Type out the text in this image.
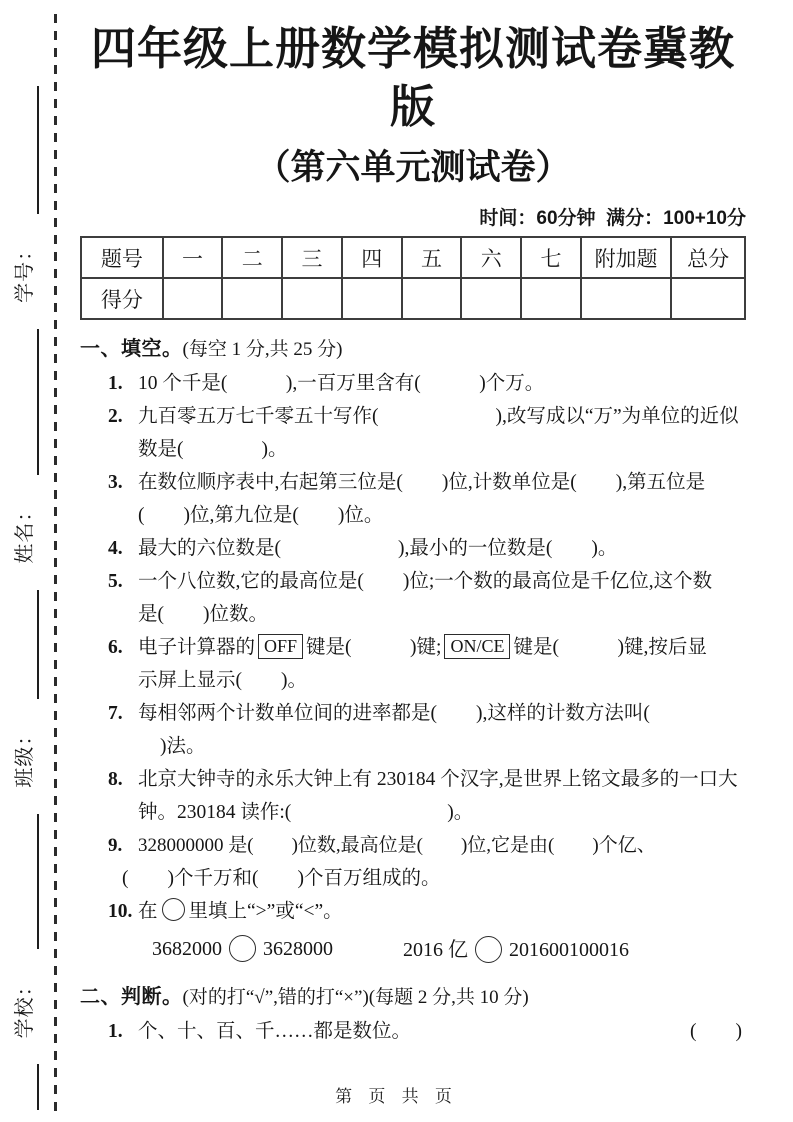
学校：
班级：
姓名：
学号：
四年级上册数学模拟测试卷冀教版
（第六单元测试卷）
时间：60分钟  满分：100+10分
题号	一	二	三	四	五	六	七	附加题	总分
得分									
一、填空。(每空 1 分,共 25 分)
1. 10 个千是(　　　),一百万里含有(　　　)个万。
2. 九百零五万七千零五十写作(　　　　　　),改写成以“万”为单位的近似
数是(　　　　)。
3. 在数位顺序表中,右起第三位是(　　)位,计数单位是(　　),第五位是
(　　)位,第九位是(　　)位。
4. 最大的六位数是(　　　　　　),最小的一位数是(　　)。
5. 一个八位数,它的最高位是(　　)位;一个数的最高位是千亿位,这个数
是(　　)位数。
6. 电子计算器的 OFF 键是(　　　)键; ON/CE 键是(　　　)键,按后显
示屏上显示(　　)。
7. 每相邻两个计数单位间的进率都是(　　),这样的计数方法叫(
)法。
8. 北京大钟寺的永乐大钟上有 230184 个汉字,是世界上铭文最多的一口大
钟。230184 读作:(　　　　　　　　)。
9. 328000000 是(　　)位数,最高位是(　　)位,它是由(　　)个亿、
(　　)个千万和(　　)个百万组成的。
10. 在 里填上“>”或“<”。
3682000 3628000	2016 亿 201600100016
二、判断。(对的打“√”,错的打“×”)(每题 2 分,共 10 分)
1. 个、十、百、千……都是数位。	(　　)
第 页 共 页
